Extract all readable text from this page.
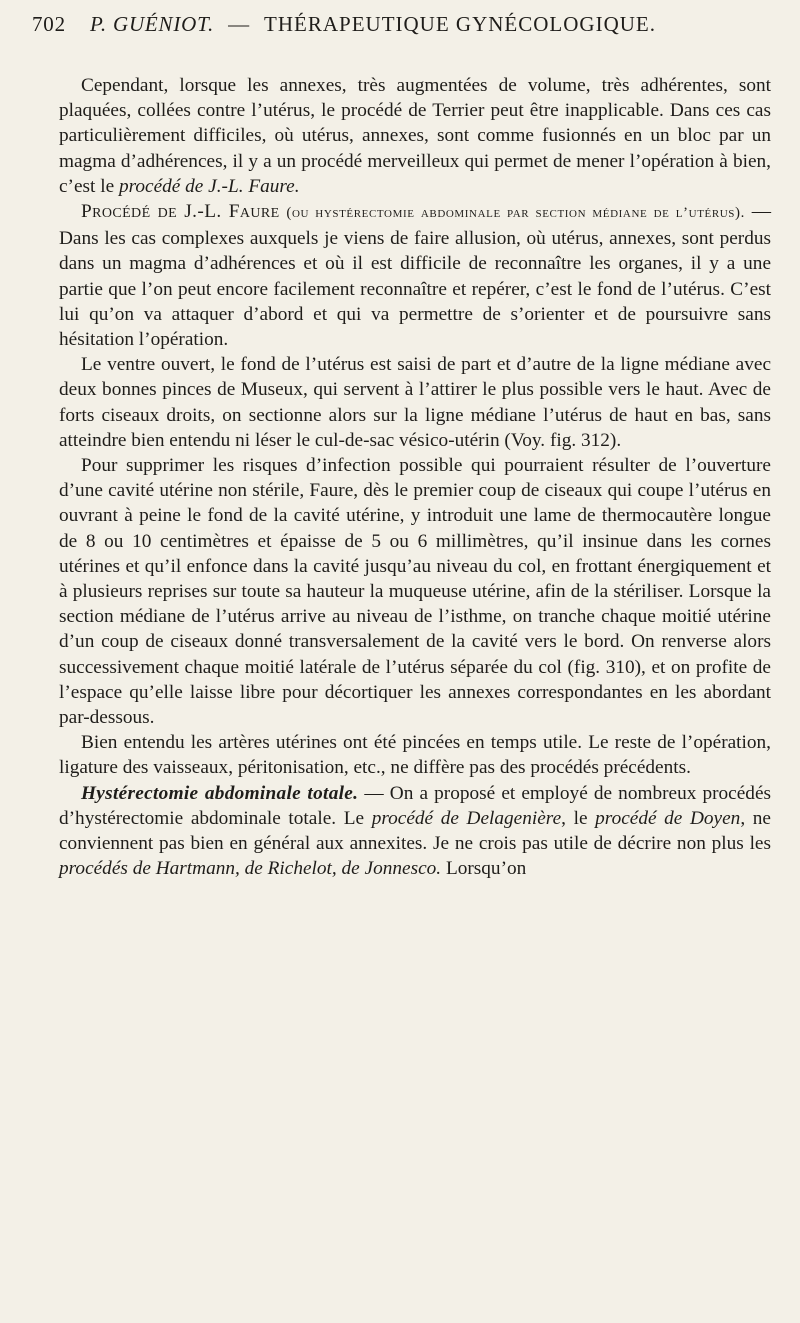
702 P. GUÉNIOT. — THÉRAPEUTIQUE GYNÉCOLOGIQUE.

Cependant, lorsque les annexes, très augmentées de volume, très adhérentes, sont plaquées, collées contre l’utérus, le procédé de Terrier peut être inapplicable. Dans ces cas particulièrement difficiles, où utérus, annexes, sont comme fusionnés en un bloc par un magma d’adhérences, il y a un procédé merveilleux qui permet de mener l’opération à bien, c’est le procédé de J.-L. Faure.

Procédé de J.-L. Faure (ou hystérectomie abdominale par section médiane de l’utérus). — Dans les cas complexes auxquels je viens de faire allusion, où utérus, annexes, sont perdus dans un magma d’adhérences et où il est difficile de reconnaître les organes, il y a une partie que l’on peut encore facilement reconnaître et repérer, c’est le fond de l’utérus. C’est lui qu’on va attaquer d’abord et qui va permettre de s’orienter et de poursuivre sans hésitation l’opération.

Le ventre ouvert, le fond de l’utérus est saisi de part et d’autre de la ligne médiane avec deux bonnes pinces de Museux, qui servent à l’attirer le plus possible vers le haut. Avec de forts ciseaux droits, on sectionne alors sur la ligne médiane l’utérus de haut en bas, sans atteindre bien entendu ni léser le cul-de-sac vésico-utérin (Voy. fig. 312).

Pour supprimer les risques d’infection possible qui pourraient résulter de l’ouverture d’une cavité utérine non stérile, Faure, dès le premier coup de ciseaux qui coupe l’utérus en ouvrant à peine le fond de la cavité utérine, y introduit une lame de thermocautère longue de 8 ou 10 centimètres et épaisse de 5 ou 6 millimètres, qu’il insinue dans les cornes utérines et qu’il enfonce dans la cavité jusqu’au niveau du col, en frottant énergiquement et à plusieurs reprises sur toute sa hauteur la muqueuse utérine, afin de la stériliser. Lorsque la section médiane de l’utérus arrive au niveau de l’isthme, on tranche chaque moitié utérine d’un coup de ciseaux donné transversalement de la cavité vers le bord. On renverse alors successivement chaque moitié latérale de l’utérus séparée du col (fig. 310), et on profite de l’espace qu’elle laisse libre pour décortiquer les annexes correspondantes en les abordant par-dessous.

Bien entendu les artères utérines ont été pincées en temps utile. Le reste de l’opération, ligature des vaisseaux, péritonisation, etc., ne diffère pas des procédés précédents.

Hystérectomie abdominale totale. — On a proposé et employé de nombreux procédés d’hystérectomie abdominale totale. Le procédé de Delagenière, le procédé de Doyen, ne conviennent pas bien en général aux annexites. Je ne crois pas utile de décrire non plus les procédés de Hartmann, de Richelot, de Jonnesco. Lorsqu’on
